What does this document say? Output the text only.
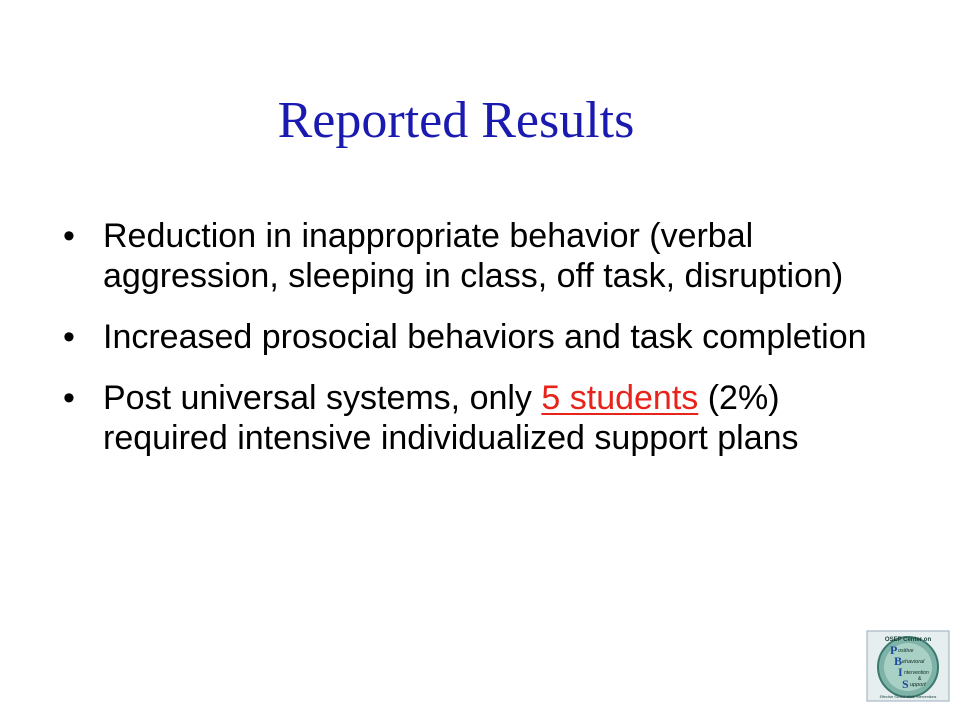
Reported Results
• Reduction in inappropriate behavior (verbal aggression, sleeping in class, off task, disruption)
• Increased prosocial behaviors and task completion
• Post universal systems, only 5 students (2%) required intensive individualized support plans
OSEP Center on
P ositive
B ehavioral
I ntervention
&
S upport
Effective School-Wide Interventions
